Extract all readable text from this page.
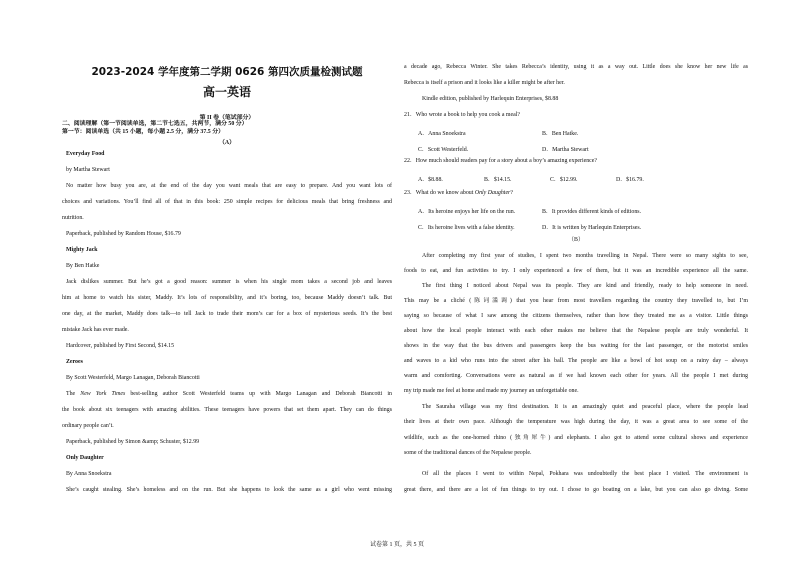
2023-2024 学年度第二学期 0626 第四次质量检测试题
高一英语
第 II 卷（笔试部分）
二、阅读理解（第一节阅读单选，第二节七选五，共两节，满分 50 分）
第一节：阅读单选（共 15 小题，每小题 2.5 分，满分 37.5 分）
（A）
Everyday Food
by Martha Stewart
No matter how busy you are, at the end of the day you want meals that are easy to prepare. And you want lots of
choices and variations. You’ll find all of that in this book: 250 simple recipes for delicious meals that bring freshness and
nutrition.
Paperback, published by Random House, $16.79
Mighty Jack
By Ben Hatke
Jack dislikes summer. But he’s got a good reason: summer is when his single mom takes a second job and leaves
him at home to watch his sister, Maddy. It’s lots of responsibility, and it’s boring, too, because Maddy doesn’t talk. But
one day, at the market, Maddy does talk—to tell Jack to trade their mom’s car for a box of mysterious seeds. It’s the best
mistake Jack has ever made.
Hardcover, published by First Second, $14.15
Zeroes
By Scott Westerfeld, Margo Lanagan, Deborah Biancotti
The New York Times best-selling author Scott Westerfeld teams up with Margo Lanagan and Deborah Biancotti in
the book about six teenagers with amazing abilities. These teenagers have powers that set them apart. They can do things
ordinary people can’t.
Paperback, published by Simon &amp; Schuster, $12.99
Only Daughter
By Anna Snoekstra
She’s caught stealing. She’s homeless and on the run. But she happens to look the same as a girl who went missing
a decade ago, Rebecca Winter. She takes Rebecca’s identity, using it as a way out. Little does she know her new life as
Rebecca is itself a prison and it looks like a killer might be after her.
Kindle edition, published by Harlequin Enterprises, $8.88
21．Who wrote a book to help you cook a meal?
A．Anna Snoekstra	B．Ben Hatke.
C．Scott Westerfeld.	D．Martha Stewart
22．How much should readers pay for a story about a boy’s amazing experience?
A．$8.88.	B．$14.15.	C．$12.99.	D．$16.79.
23．What do we know about Only Daughter?
A．Its heroine enjoys her life on the run.	B．It provides different kinds of editions.
C．Its heroine lives with a false identity.	D．It is written by Harlequin Enterprises.
（B）
After completing my first year of studies, I spent two months travelling in Nepal. There were so many sights to see,
foods to eat, and fun activities to try. I only experienced a few of them, but it was an incredible experience all the same.
The first thing I noticed about Nepal was its people. They are kind and friendly, ready to help someone in need.
This may be a cliché (陈词滥调) that you hear from most travellers regarding the country they travelled to, but I’m
saying so because of what I saw among the citizens themselves, rather than how they treated me as a visitor. Little things
about how the local people interact with each other makes me believe that the Nepalese people are truly wonderful. It
shows in the way that the bus drivers and passengers keep the bus waiting for the last passenger, or the motorist smiles
and waves to a kid who runs into the street after his ball. The people are like a bowl of hot soup on a rainy day – always
warm and comforting. Conversations were as natural as if we had known each other for years. All the people I met during
my trip made me feel at home and made my journey an unforgettable one.
The Sauraha village was my first destination. It is an amazingly quiet and peaceful place, where the people lead
their lives at their own pace. Although the temperature was high during the day, it was a great area to see some of the
wildlife, such as the one-horned rhino (独角犀牛) and elephants. I also got to attend some cultural shows and experience
some of the traditional dances of the Nepalese people.
Of all the places I went to within Nepal, Pokhara was undoubtedly the best place I visited. The environment is
great there, and there are a lot of fun things to try out. I chose to go boating on a lake, but you can also go diving. Some
试卷第 1 页，共 5 页
